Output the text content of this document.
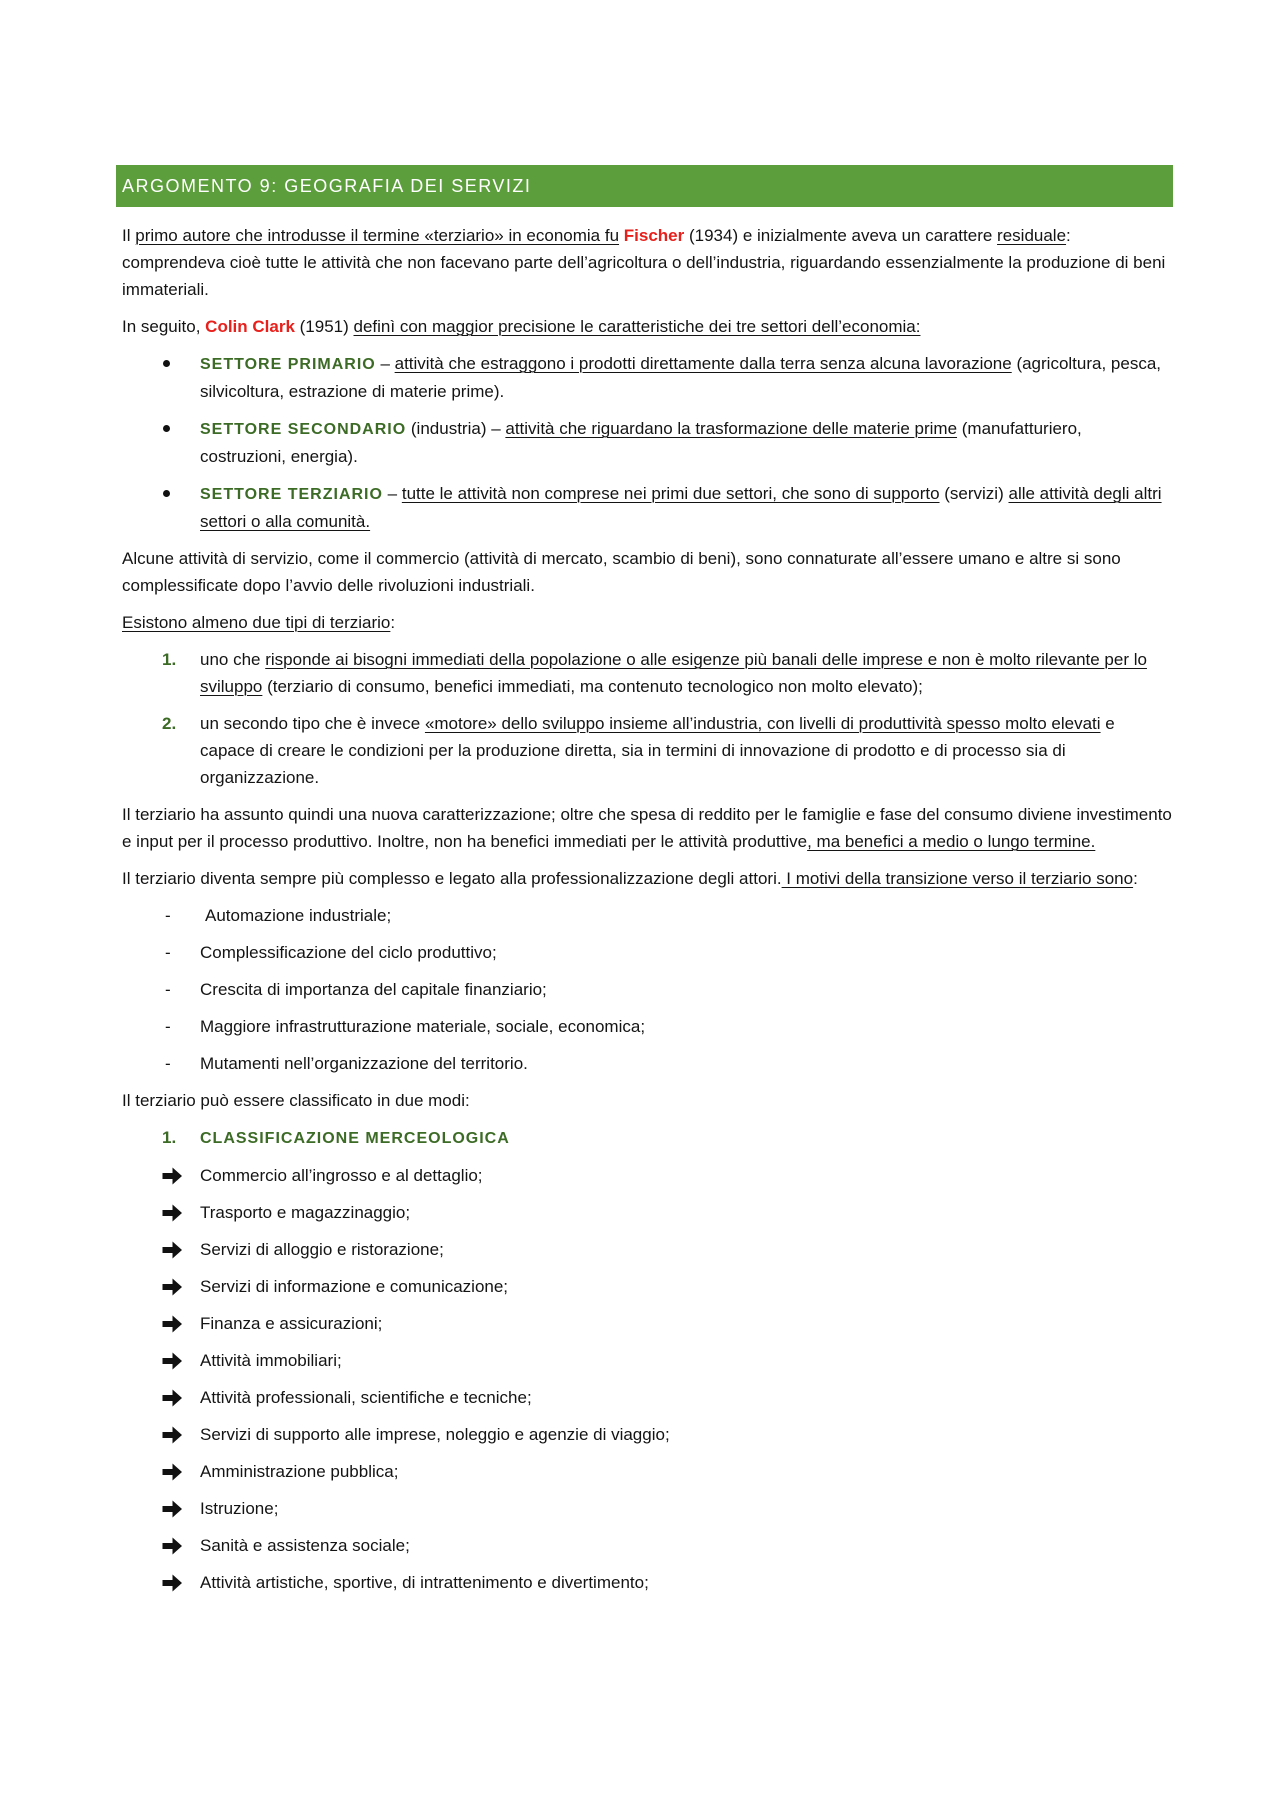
ARGOMENTO 9: GEOGRAFIA DEI SERVIZI

Il primo autore che introdusse il termine «terziario» in economia fu Fischer (1934) e inizialmente aveva un carattere residuale: comprendeva cioè tutte le attività che non facevano parte dell’agricoltura o dell’industria, riguardando essenzialmente la produzione di beni immateriali.

In seguito, Colin Clark (1951) definì con maggior precisione le caratteristiche dei tre settori dell’economia:

SETTORE PRIMARIO – attività che estraggono i prodotti direttamente dalla terra senza alcuna lavorazione (agricoltura, pesca, silvicoltura, estrazione di materie prime).
SETTORE SECONDARIO (industria) – attività che riguardano la trasformazione delle materie prime (manufatturiero, costruzioni, energia).
SETTORE TERZIARIO – tutte le attività non comprese nei primi due settori, che sono di supporto (servizi) alle attività degli altri settori o alla comunità.

Alcune attività di servizio, come il commercio (attività di mercato, scambio di beni), sono connaturate all’essere umano e altre si sono complessificate dopo l’avvio delle rivoluzioni industriali.

Esistono almeno due tipi di terziario:

1. uno che risponde ai bisogni immediati della popolazione o alle esigenze più banali delle imprese e non è molto rilevante per lo sviluppo (terziario di consumo, benefici immediati, ma contenuto tecnologico non molto elevato);
2. un secondo tipo che è invece «motore» dello sviluppo insieme all’industria, con livelli di produttività spesso molto elevati e capace di creare le condizioni per la produzione diretta, sia in termini di innovazione di prodotto e di processo sia di organizzazione.

Il terziario ha assunto quindi una nuova caratterizzazione; oltre che spesa di reddito per le famiglie e fase del consumo diviene investimento e input per il processo produttivo. Inoltre, non ha benefici immediati per le attività produttive, ma benefici a medio o lungo termine.

Il terziario diventa sempre più complesso e legato alla professionalizzazione degli attori. I motivi della transizione verso il terziario sono:

- Automazione industriale;
- Complessificazione del ciclo produttivo;
- Crescita di importanza del capitale finanziario;
- Maggiore infrastrutturazione materiale, sociale, economica;
- Mutamenti nell’organizzazione del territorio.

Il terziario può essere classificato in due modi:

1. CLASSIFICAZIONE MERCEOLOGICA
Commercio all’ingrosso e al dettaglio;
Trasporto e magazzinaggio;
Servizi di alloggio e ristorazione;
Servizi di informazione e comunicazione;
Finanza e assicurazioni;
Attività immobiliari;
Attività professionali, scientifiche e tecniche;
Servizi di supporto alle imprese, noleggio e agenzie di viaggio;
Amministrazione pubblica;
Istruzione;
Sanità e assistenza sociale;
Attività artistiche, sportive, di intrattenimento e divertimento;
